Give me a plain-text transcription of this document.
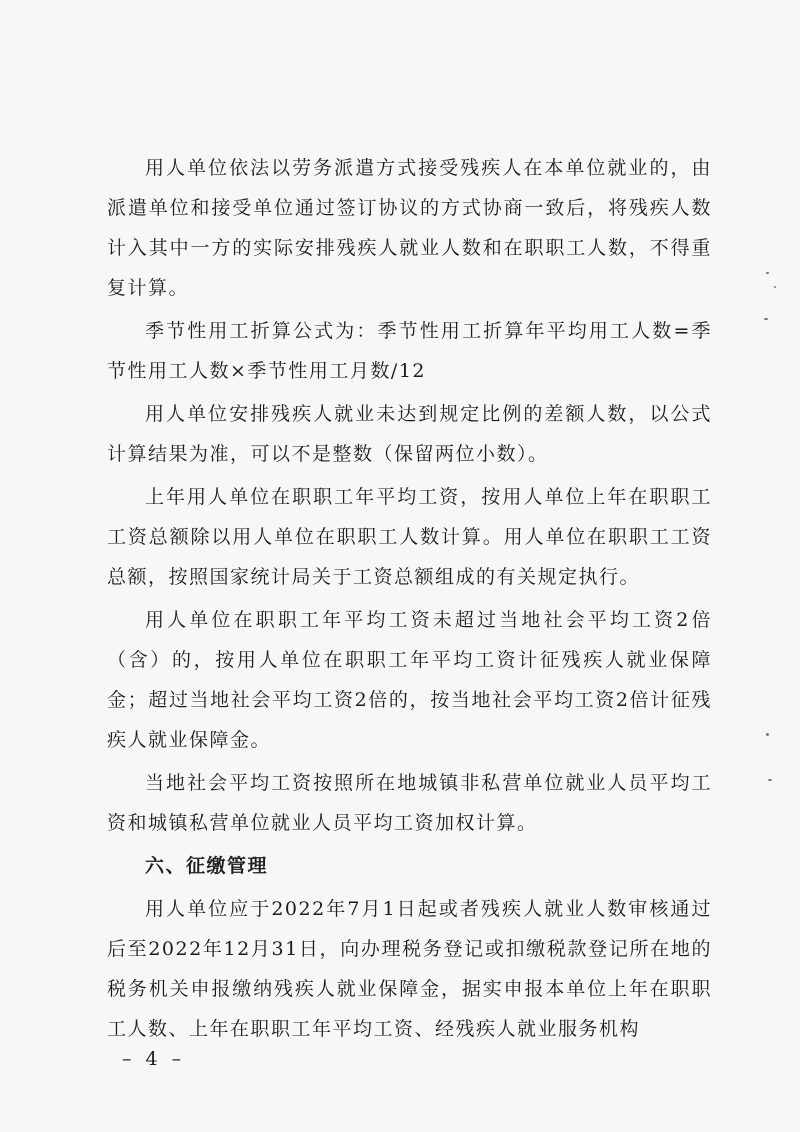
用人单位依法以劳务派遣方式接受残疾人在本单位就业的，由派遣单位和接受单位通过签订协议的方式协商一致后，将残疾人数计入其中一方的实际安排残疾人就业人数和在职职工人数，不得重复计算。

季节性用工折算公式为：季节性用工折算年平均用工人数=季节性用工人数×季节性用工月数/12

用人单位安排残疾人就业未达到规定比例的差额人数，以公式计算结果为准，可以不是整数（保留两位小数）。

上年用人单位在职职工年平均工资，按用人单位上年在职职工工资总额除以用人单位在职职工人数计算。用人单位在职职工工资总额，按照国家统计局关于工资总额组成的有关规定执行。

用人单位在职职工年平均工资未超过当地社会平均工资2倍（含）的，按用人单位在职职工年平均工资计征残疾人就业保障金；超过当地社会平均工资2倍的，按当地社会平均工资2倍计征残疾人就业保障金。

当地社会平均工资按照所在地城镇非私营单位就业人员平均工资和城镇私营单位就业人员平均工资加权计算。

六、征缴管理

用人单位应于2022年7月1日起或者残疾人就业人数审核通过后至2022年12月31日，向办理税务登记或扣缴税款登记所在地的税务机关申报缴纳残疾人就业保障金，据实申报本单位上年在职职工人数、上年在职职工年平均工资、经残疾人就业服务机构

– 4 –
